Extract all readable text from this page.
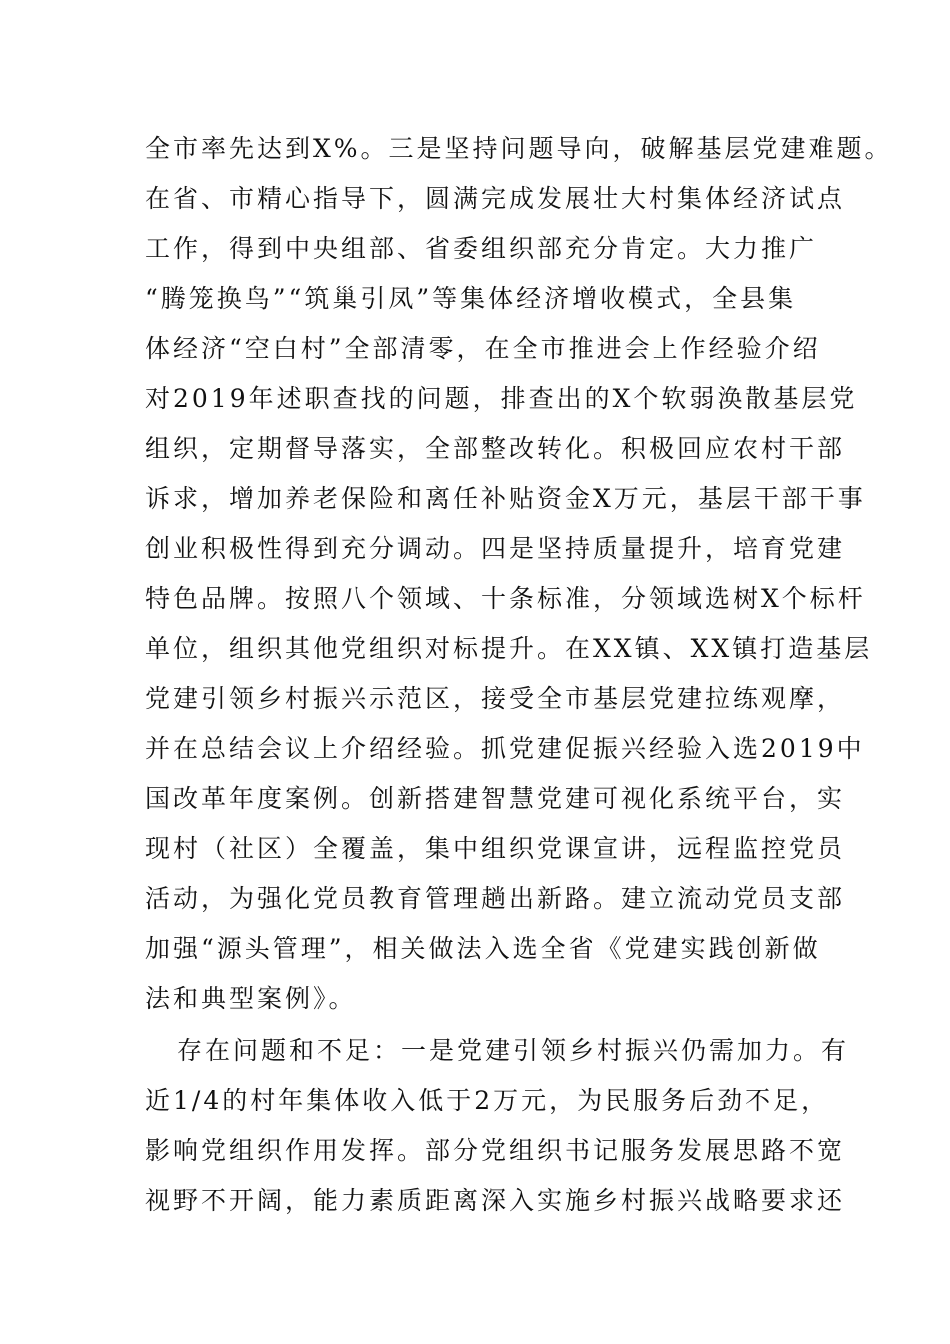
全市率先达到X%。三是坚持问题导向，破解基层党建难题。
在省、市精心指导下，圆满完成发展壮大村集体经济试点
工作，得到中央组部、省委组织部充分肯定。大力推广
“腾笼换鸟”“筑巢引凤”等集体经济增收模式，全县集
体经济“空白村”全部清零，在全市推进会上作经验介绍
对2019年述职查找的问题，排查出的X个软弱涣散基层党
组织，定期督导落实，全部整改转化。积极回应农村干部
诉求，增加养老保险和离任补贴资金X万元，基层干部干事
创业积极性得到充分调动。四是坚持质量提升，培育党建
特色品牌。按照八个领域、十条标准，分领域选树X个标杆
单位，组织其他党组织对标提升。在XX镇、XX镇打造基层
党建引领乡村振兴示范区，接受全市基层党建拉练观摩，
并在总结会议上介绍经验。抓党建促振兴经验入选2019中
国改革年度案例。创新搭建智慧党建可视化系统平台，实
现村（社区）全覆盖，集中组织党课宣讲，远程监控党员
活动，为强化党员教育管理趟出新路。建立流动党员支部
加强“源头管理”，相关做法入选全省《党建实践创新做
法和典型案例》。
存在问题和不足：一是党建引领乡村振兴仍需加力。有
近1/4的村年集体收入低于2万元，为民服务后劲不足，
影响党组织作用发挥。部分党组织书记服务发展思路不宽
视野不开阔，能力素质距离深入实施乡村振兴战略要求还
